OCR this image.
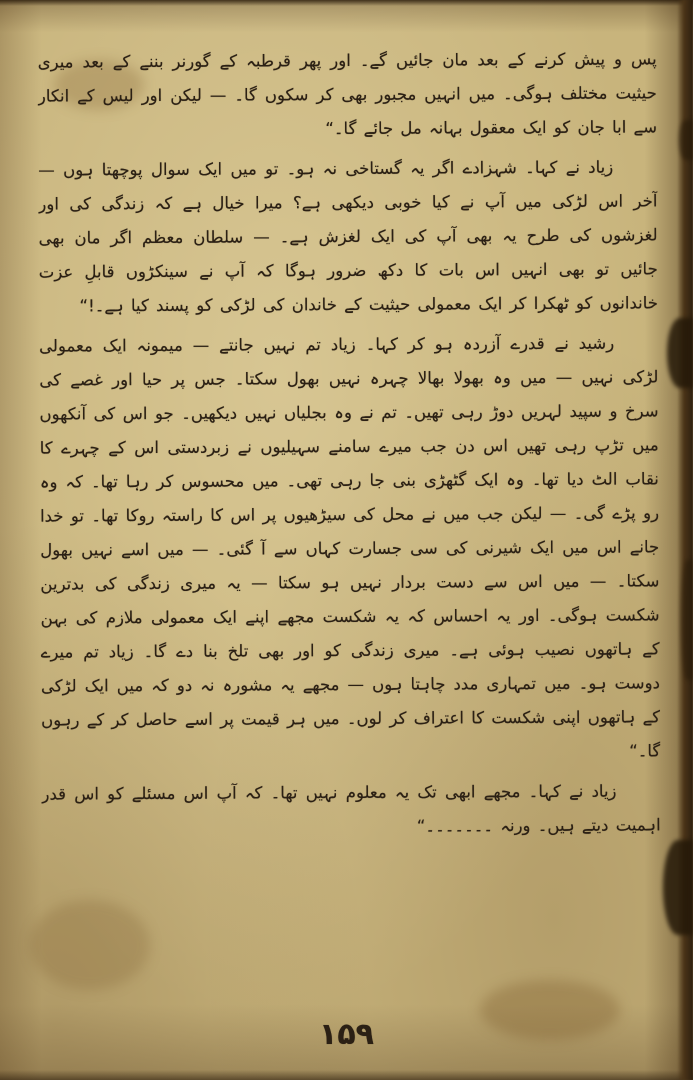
پس و پیش کرنے کے بعد مان جائیں گے۔ اور پھر قرطبہ کے گورنر بننے کے بعد میری حیثیت مختلف ہوگی۔ میں انہیں مجبور بھی کر سکوں گا۔ — لیکن اور لیس کے انکار سے ابا جان کو ایک معقول بہانہ مل جائے گا۔“

زیاد نے کہا۔ شہزادے اگر یہ گستاخی نہ ہو۔ تو میں ایک سوال پوچھتا ہوں — آخر اس لڑکی میں آپ نے کیا خوبی دیکھی ہے؟ میرا خیال ہے کہ زندگی کی اور لغزشوں کی طرح یہ بھی آپ کی ایک لغزش ہے۔ — سلطان معظم اگر مان بھی جائیں تو بھی انہیں اس بات کا دکھ ضرور ہوگا کہ آپ نے سینکڑوں قابلِ عزت خاندانوں کو ٹھکرا کر ایک معمولی حیثیت کے خاندان کی لڑکی کو پسند کیا ہے۔!“

رشید نے قدرے آزردہ ہو کر کہا۔ زیاد تم نہیں جانتے — میمونہ ایک معمولی لڑکی نہیں — میں وہ بھولا بھالا چہرہ نہیں بھول سکتا۔ جس پر حیا اور غصے کی سرخ و سپید لہریں دوڑ رہی تھیں۔ تم نے وہ بجلیاں نہیں دیکھیں۔ جو اس کی آنکھوں میں تڑپ رہی تھیں اس دن جب میرے سامنے سہیلیوں نے زبردستی اس کے چہرے کا نقاب الٹ دیا تھا۔ وہ ایک گٹھڑی بنی جا رہی تھی۔ میں محسوس کر رہا تھا۔ کہ وہ رو پڑے گی۔ — لیکن جب میں نے محل کی سیڑھیوں پر اس کا راستہ روکا تھا۔ تو خدا جانے اس میں ایک شیرنی کی سی جسارت کہاں سے آ گئی۔ — میں اسے نہیں بھول سکتا۔ — میں اس سے دست بردار نہیں ہو سکتا — یہ میری زندگی کی بدترین شکست ہوگی۔ اور یہ احساس کہ یہ شکست مجھے اپنے ایک معمولی ملازم کی بہن کے ہاتھوں نصیب ہوئی ہے۔ میری زندگی کو اور بھی تلخ بنا دے گا۔ زیاد تم میرے دوست ہو۔ میں تمہاری مدد چاہتا ہوں — مجھے یہ مشورہ نہ دو کہ میں ایک لڑکی کے ہاتھوں اپنی شکست کا اعتراف کر لوں۔ میں ہر قیمت پر اسے حاصل کر کے رہوں گا۔“

زیاد نے کہا۔ مجھے ابھی تک یہ معلوم نہیں تھا۔ کہ آپ اس مسئلے کو اس قدر اہمیت دیتے ہیں۔ ورنہ ۔۔۔۔۔۔۔“

۱۵۹
